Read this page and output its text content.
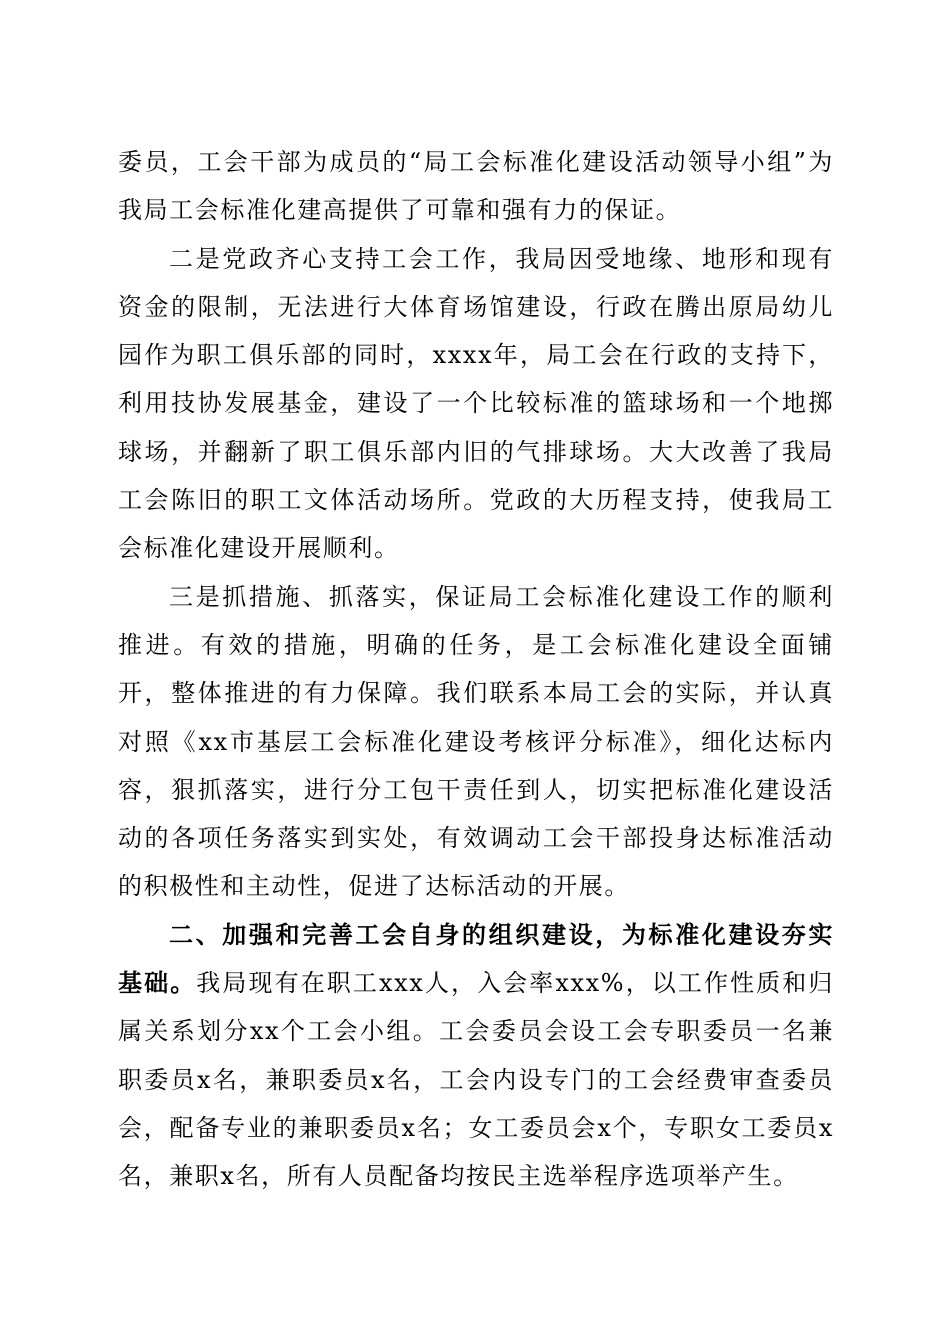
委员，工会干部为成员的“局工会标准化建设活动领导小组”为我局工会标准化建高提供了可靠和强有力的保证。

二是党政齐心支持工会工作，我局因受地缘、地形和现有资金的限制，无法进行大体育场馆建设，行政在腾出原局幼儿园作为职工俱乐部的同时，xxxx年，局工会在行政的支持下，利用技协发展基金，建设了一个比较标准的篮球场和一个地掷球场，并翻新了职工俱乐部内旧的气排球场。大大改善了我局工会陈旧的职工文体活动场所。党政的大历程支持，使我局工会标准化建设开展顺利。

三是抓措施、抓落实，保证局工会标准化建设工作的顺利推进。有效的措施，明确的任务，是工会标准化建设全面铺开，整体推进的有力保障。我们联系本局工会的实际，并认真对照《xx市基层工会标准化建设考核评分标准》，细化达标内容，狠抓落实，进行分工包干责任到人，切实把标准化建设活动的各项任务落实到实处，有效调动工会干部投身达标准活动的积极性和主动性，促进了达标活动的开展。

二、加强和完善工会自身的组织建设，为标准化建设夯实基础。我局现有在职工xxx人，入会率xxx%，以工作性质和归属关系划分xx个工会小组。工会委员会设工会专职委员一名兼职委员x名，兼职委员x名，工会内设专门的工会经费审查委员会，配备专业的兼职委员x名；女工委员会x个，专职女工委员x名，兼职x名，所有人员配备均按民主选举程序选项举产生。
